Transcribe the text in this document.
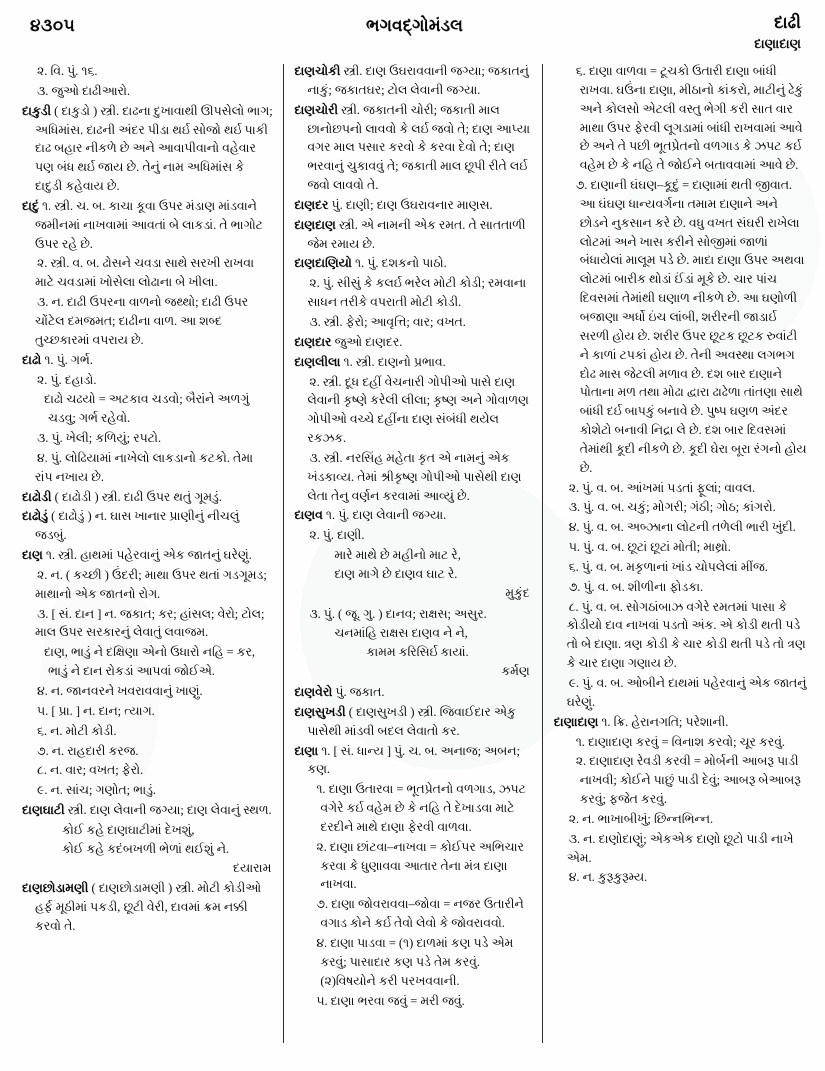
૪૩૦૫	ભગવદ્ગોમંડલ	દાઢી
દાણાદાણ

૨. વિ. પું. ૧૬.

૩. જુઓ દાઢીઆરો.

દાકુડી ( દાકુડો ) સ્ત્રી. દાઢના દુખાવાથી ઊપસેલો ભાગ; અધિમાંસ. દાઢની અંદર પીડા થર્ઇ સોજો થર્ઇ પાકી દાઢ બહાર નીકળે છે અને આવાપીવાનો વહેવાર પણ બંધ થર્ઇ જાય છે. તેનું નામ અધિમાંસ કે દાદુડી કહેવાય છે.

દાદું ૧. સ્ત્રી. ચ. બ. કાચા કૂવા ઉપર મંડાણ માંડવાને જમીનમાં નાખવામાં આવતાં બે લાકડાં. તે ભાગોટ ઉપર રહે છે.

૨. સ્ત્રી. વ. બ. ઢોસને ચવડા સાથે સરખી રાખવા માટે ચવડામાં ખોસેલા લોઢાના બે ખીલા.

૩. ન. દાઢી ઉપરના વાળનો જથ્થો; દાઢી ઉપર ચોંટેલ દમજમત; દાઢીના વાળ. આ શબ્દ તુચ્છકારમાં વપરાય છે.

દાઢો ૧. પું. ગર્ભ.

૨. પું. દહાડો.

દાઢો ચઢયો = અટકાવ ચડવો; બૈરાંને અળગું ચડવુ; ગર્ભ રહેવો.

૩. પું. ખેલી; કળિયું; રપટો.

૪. પું. લોઢિયામાં નાખેલો લાકડાનો કટકો. તેમા રાંપ નખાય છે.

દાઢોડી ( દાઢોડી ) સ્ત્રી. દાઢી ઉપર થતું ગૂમડું.

દાઢોડું ( દાઢોડું ) ન. ઘાસ ખાનાર પ્રાણીનું નીચલું જડબું.

દાણ ૧. સ્ત્રી. હાથમાં પહેરવાનું એક જાતનું ઘરેણું.

૨. ન. ( કચ્છી ) ઉંદરી; માથા ઉપર થતાં ગડગૂમડ; માથાનો એક જાતનો રોગ.

૩. [ સં. દાન ] ન. જકાત; કર; હાંસલ; વેરો; ટોલ; માલ ઉપર સરકારનું લેવાતું લવાજમ.

દાણ, ભાડું ને દક્ષિણા એનો ઉધારો નહિ = કર, ભાડું ને દાન રોકડાં આપવાં જોઈએ.

૪. ન. જાનવરને ખવરાવવાનું ખાણું.

૫. [ પ્રા. ] ન. દાન; ત્યાગ.

૬. ન. મોટી કોડી.

૭. ન. રાહદારી કરજ.

૮. ન. વાર; વખત; ફેરો.

૯. ન. સાંચ; ગણોત; ભાડું.

દાણઘાટી સ્ત્રી. દાણ લેવાની જગ્યા; દાણ લેવાનું સ્થળ.

કોઈ કહે દાણઘાટીમાં દેખશું,

કોઈ કહે કદંબખળી ભેળાં થઈશું ને.

દયારામ

દાણછોડામણી ( દાણછોડામણી ) સ્ત્રી. મોટી કોડીઓ હર્ફ મૂઠીમાં પકડી, છૂટી વેરી, દાવમાં ક્રમ નક્કી કરવો તે.

દાણચોકી સ્ત્રી. દાણ ઉઘરાવવાની જગ્યા; જકાતનું નાકું; જકાતઘર; ટોલ લેવાની જગ્યા.

દાણચોરી સ્ત્રી. જકાતની ચોરી; જકાતી માલ છાનોછપનો લાવવો કે લર્ઇ જવો તે; દાણ આપ્યા વગર માલ પસાર કરવો કે કરવા દેવો તે; દાણ ભરવાનું ચુકાવવું તે; જકાતી માલ છૂપી રીતે લર્ઇ જવો લાવવો તે.

દાણદર પું. દાણી; દાણ ઉઘરાવનાર માણસ.

દાણદાણ સ્ત્રી. એ નામની એક રમત. તે સાતતાળી જેમ રમાય છે.

દાણદાણિયો ૧. પું. દશકનો પાઠો.

૨. પું. સીસું કે કલર્ઇ ભરેલ મોટી કોડી; રમવાના સાધન તરીકે વપરાતી મોટી કોડી.

૩. સ્ત્રી. ફેરો; આવૃત્તિ; વાર; વખત.

દાણદાર જુઓ દાણદર.

દાણલીલા ૧. સ્ત્રી. દાણનો પ્રભાવ.

૨. સ્ત્રી. દૂધ દહીં વેચનારી ગોપીઓ પાસે દાણ લેવાની કૃષ્ણે કરેલી લીલા; કૃષ્ણ અને ગોવાળણ ગોપીઓ વચ્ચે દહીંના દાણ સંબંધી થયેલ રકઝક.

૩. સ્ત્રી. નરસિંહ મહેતા કૃત એ નામનું એક ખંડકાવ્ય. તેમાં શ્રીકૃષ્ણ ગોપીઓ પાસેથી દાણ લેતા તેનુ વર્ણન કરવામાં આવ્યું છે.

દાણવ ૧. પું. દાણ લેવાની જગ્યા.

૨. પું. દાણી.

મારે માથે છે મહીનો માટ રે,

દાણ માગે છે દાણવ ઘાટ રે.

મુકુંદ

૩. પું. ( જૂ. ગુ. ) દાનવ; રાક્ષસ; અસુર.

ચનમાંહિ રાક્ષસ દાણવ ને ને,

કામમ કરિસિર્ઇ કાયાં.

કર્મણ

દાણવેરો પું. જકાત.

દાણસુખડી ( દાણસુખડી ) સ્ત્રી. જિવાઈદાર એકુ પાસેથી માંડવી બદલ લેવાતો કર.

દાણા ૧. [ સં. ધાન્ય ] પું. ચ. બ. અનાજ; અબન; કણ.

૧. દાણા ઉતારવા = ભૂતપ્રેતનો વળગાડ, ઝપટ વગેરે કર્ઇ વહેમ છે કે નહિ તે દેખાડવા માટે દરદીને માથે દાણા ફેરવી વાળવા.

૨. દાણા છાંટવા–નાખવા = કોઈપર અભિચાર કરવા કે ધુણાવવા આતાર તેના મંત્ર દાણા નાખવા.

૭. દાણા જોવરાવવા–જોવા = નજર ઉતારીને વગાડ કોને કર્ઇ તેવો લેવો કે જોવરાવવો.

૪. દાણા પાડવા = (૧) દાળમાં કણ પડે એમ કરવું; પાસાદાર કણ પડે તેમ કરવું. (૨)વિષયોને કરી પરખવવાની.

૫. દાણા ભરવા જવું = મરી જવું.

૬. દાણા વાળવા = ટૂચકો ઉતારી દાણા બાંધી રાખવા. ઘઉંના દાણા, મીઠાનો કાંકરો, માટીનું ઢેકું અને કોલસો એટલી વસ્તુ ભેગી કરી સાત વાર માથા ઉપર ફેરવી લૂગડામાં બાંધી રાખવામાં આવે છે અને તે પછી ભૂતપ્રેતનો વળગાડ કે ઝપટ કર્ઇ વહેમ છે કે નહિ તે જોઈને બતાવવામાં આવે છે.

૭. દાણાની ઘંઘણ–કૂદું = દાણામાં થતી જીવાત. આ ઘંઘણ ધાન્યવર્ગના તમામ દાણાને અને છોડને નુકસાન કરે છે. વધુ વખત સંઘરી રાખેલા લોટમાં અને ખાસ કરીને સોજીમાં જાળાં બંધાયેલાં માલૂમ પડે છે. માદા દાણા ઉપર અથવા લોટમાં બારીક થોડાં ઈંડાં મૂકે છે. ચાર પાંચ દિવસમાં તેમાંથી ઘણાળ નીકળે છે. આ ઘણોળી બજાણા અર્ધો ઇંચ લાંબી, શરીરની જાડાર્ઇ સરળી હોય છે. શરીર ઉપર છૂટક છૂટક રુવાંટી ને કાળાં ટપકાં હોય છે. તેની અવસ્થા લગભગ દોઢ માસ જેટલી મળાવ છે. દશ બાર દાણાને પોતાના મળ તથા મોઢા દ્વારા ઢાઢેળા તાંતણા સાથે બાંધી દર્ઇ બાપકું બનાવે છે. પુષ્પ ઘણળ અંદર કોશેટો બનાવી નિદ્રા લે છે. દશ બાર દિવસમાં તેમાંથી કૂદી નીકળે છે. કૂદી ઘેરા બૂરા રંગનો હોય છે.

૨. પું. વ. બ. આંખમાં પડતાં ફૂલાં; વાવલ.

૩. પું. વ. બ. ચકું; મોગરી; ગંઠી; ગોઠ; કાંગરો.

૪. પું. વ. બ. અબ્ઝાના લોટની તળેલી ભારી ખુંદી.

૫. પું. વ. બ. છૂટાં છૂટાં મોતી; માથ્રો.

૬. પું. વ. બ. મકૃળાનાં ખાંડ ચોપલેલાં મીંજ.

૭. પું. વ. બ. શીળીના ફોડકા.

૮. પું. વ. બ. સોગઠાંબાઝ વગેરે રમતમાં પાસા કે કોડીયો દાવ નાખવાં પડતો અંક. એ કોડી થતી પડે તો બે દાણા. ત્રણ કોડી કે ચાર કોડી થતી પડે તો ત્રણ કે ચાર દાણા ગણાય છે.

૯. પું. વ. બ. ઓબીને દાથમાં પહેરવાનું એક જાતનું ઘરેણું.

દાણાદાણ ૧. ક્રિ. હેરાનગતિ; પરેશાની.

૧. દાણાદાણ કરવું = વિનાશ કરવો; ચૂર કરવું.

૨. દાણાદાણ રેવડી કરવી = મોર્બની આબરૂ પાડી નાખવી; કોઈને પાછું પાડી દેવું; આબરૂ બેઆબરૂ કરવું; ફજેત કરવું.

૨. ન. ભાખાબીખું; છિન્નભિન્ન.

૩. ન. દાણોદાણું; એકએક દાણો છૂટો પાડી નાખે એમ.

૪. ન. કુરૂકુરૂમ્ય.
